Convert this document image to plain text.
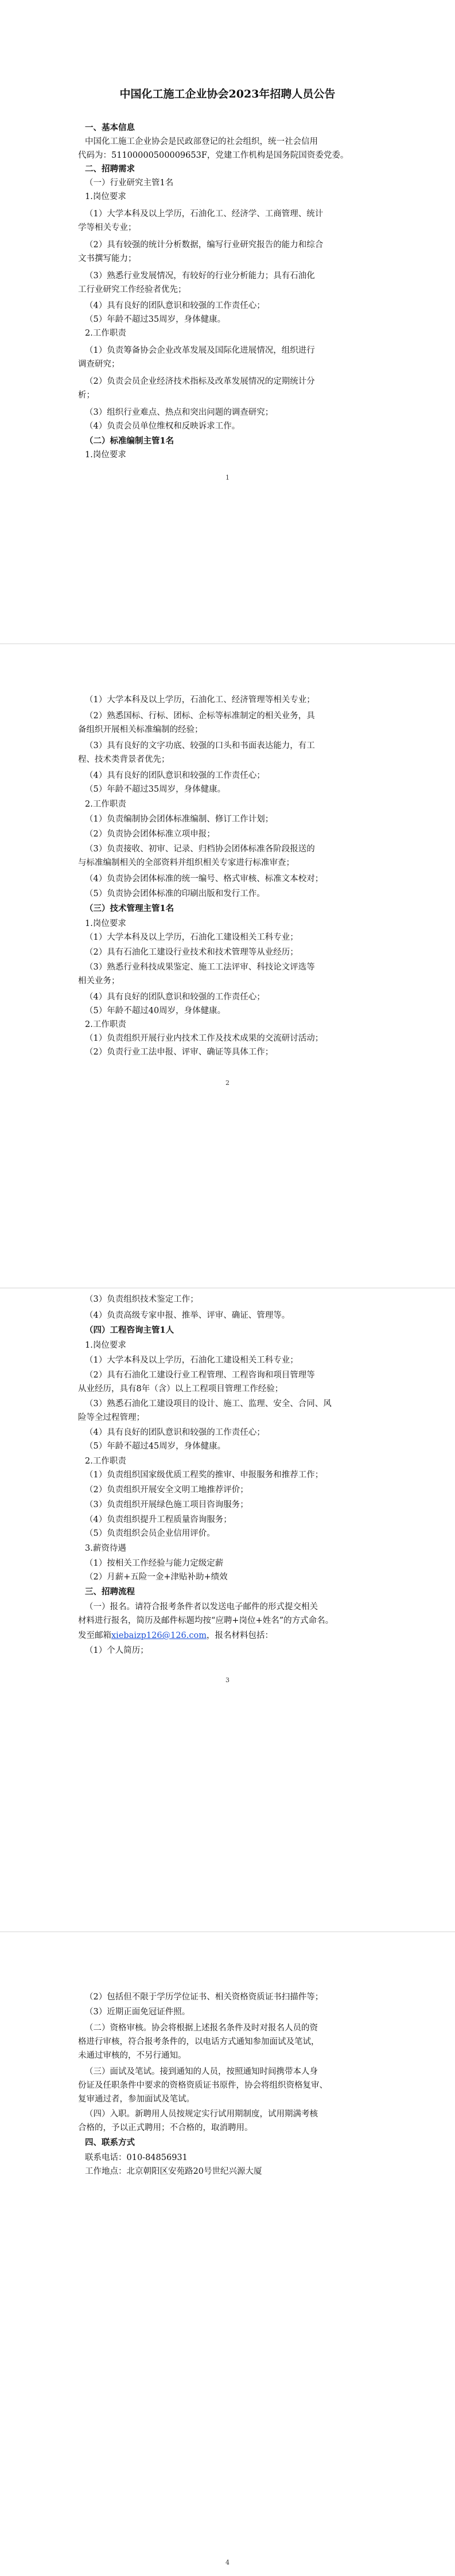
中国化工施工企业协会2023年招聘人员公告
一、基本信息
中国化工施工企业协会是民政部登记的社会组织，统一社会信用
代码为：51100000500009653F，党建工作机构是国务院国资委党委。
二、招聘需求
（一）行业研究主管1名
1.岗位要求
（1）大学本科及以上学历，石油化工、经济学、工商管理、统计
学等相关专业；
（2）具有较强的统计分析数据，编写行业研究报告的能力和综合
文书撰写能力；
（3）熟悉行业发展情况，有较好的行业分析能力；具有石油化
工行业研究工作经验者优先；
（4）具有良好的团队意识和较强的工作责任心；
（5）年龄不超过35周岁，身体健康。
2.工作职责
（1）负责筹备协会企业改革发展及国际化进展情况，组织进行
调查研究；
（2）负责会员企业经济技术指标及改革发展情况的定期统计分
析；
（3）组织行业难点、热点和突出问题的调查研究；
（4）负责会员单位维权和反映诉求工作。
（二）标准编制主管1名
1.岗位要求
1
（1）大学本科及以上学历，石油化工、经济管理等相关专业；
（2）熟悉国标、行标、团标、企标等标准制定的相关业务，具
备组织开展相关标准编制的经验；
（3）具有良好的文字功底、较强的口头和书面表达能力，有工
程、技术类背景者优先；
（4）具有良好的团队意识和较强的工作责任心；
（5）年龄不超过35周岁，身体健康。
2.工作职责
（1）负责编制协会团体标准编制、修订工作计划；
（2）负责协会团体标准立项申报；
（3）负责接收、初审、记录、归档协会团体标准各阶段报送的
与标准编制相关的全部资料并组织相关专家进行标准审查；
（4）负责协会团体标准的统一编号、格式审核、标准文本校对；
（5）负责协会团体标准的印刷出版和发行工作。
（三）技术管理主管1名
1.岗位要求
（1）大学本科及以上学历，石油化工建设相关工科专业；
（2）具有石油化工建设行业技术和技术管理等从业经历；
（3）熟悉行业科技成果鉴定、施工工法评审、科技论文评选等
相关业务；
（4）具有良好的团队意识和较强的工作责任心；
（5）年龄不超过40周岁，身体健康。
2.工作职责
（1）负责组织开展行业内技术工作及技术成果的交流研讨活动；
（2）负责行业工法申报、评审、确证等具体工作；
2
（3）负责组织技术鉴定工作；
（4）负责高级专家申报、推举、评审、确证、管理等。
（四）工程咨询主管1人
1.岗位要求
（1）大学本科及以上学历，石油化工建设相关工科专业；
（2）具有石油化工建设行业工程管理、工程咨询和项目管理等
从业经历，具有8年（含）以上工程项目管理工作经验；
（3）熟悉石油化工建设项目的设计、施工、监理、安全、合同、风
险等全过程管理；
（4）具有良好的团队意识和较强的工作责任心；
（5）年龄不超过45周岁，身体健康。
2.工作职责
（1）负责组织国家级优质工程奖的推审、申报服务和推荐工作；
（2）负责组织开展安全文明工地推荐评价；
（3）负责组织开展绿色施工项目咨询服务；
（4）负责组织提升工程质量咨询服务；
（5）负责组织会员企业信用评价。
3.薪资待遇
（1）按相关工作经验与能力定级定薪
（2）月薪+五险一金+津贴补助+绩效
三、招聘流程
（一）报名。请符合报考条件者以发送电子邮件的形式提交相关
材料进行报名，简历及邮件标题均按“应聘+岗位+姓名”的方式命名。
发至邮箱xiebaizp126@126.com，报名材料包括：
（1）个人简历；
3
（2）包括但不限于学历学位证书、相关资格资质证书扫描件等；
（3）近期正面免冠证件照。
（二）资格审核。协会将根据上述报名条件及时对报名人员的资
格进行审核，符合报考条件的，以电话方式通知参加面试及笔试，
未通过审核的，不另行通知。
（三）面试及笔试。接到通知的人员，按照通知时间携带本人身
份证及任职条件中要求的资格资质证书原件，协会将组织资格复审、
复审通过者，参加面试及笔试。
（四）入职。新聘用人员按规定实行试用期制度，试用期满考核
合格的，予以正式聘用；不合格的，取消聘用。
四、联系方式
联系电话：010-84856931
工作地点：北京朝阳区安苑路20号世纪兴源大厦
4
